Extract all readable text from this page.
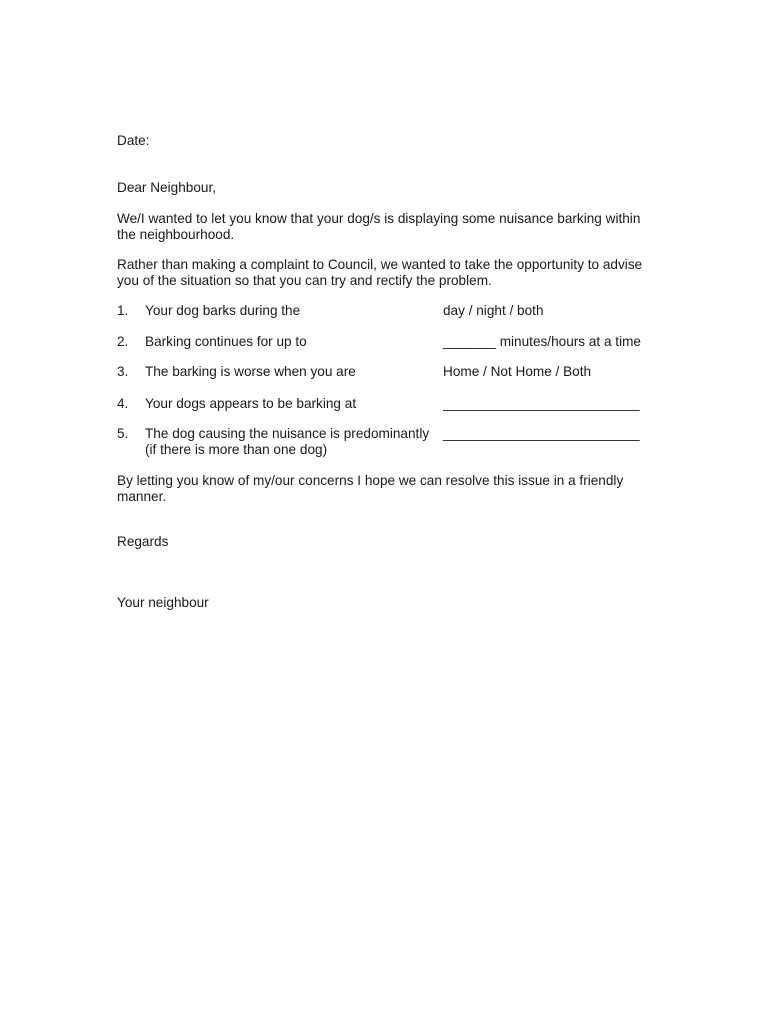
Date:
Dear Neighbour,
We/I wanted to let you know that your dog/s is displaying some nuisance barking within
the neighbourhood.
Rather than making a complaint to Council, we wanted to take the opportunity to advise
you of the situation so that you can try and rectify the problem.
1. Your dog barks during the	day / night / both
2. Barking continues for up to	_______ minutes/hours at a time
3. The barking is worse when you are	Home / Not Home / Both
4. Your dogs appears to be barking at	__________________________
5. The dog causing the nuisance is predominantly __________________________
(if there is more than one dog)
By letting you know of my/our concerns I hope we can resolve this issue in a friendly
manner.
Regards
Your neighbour
